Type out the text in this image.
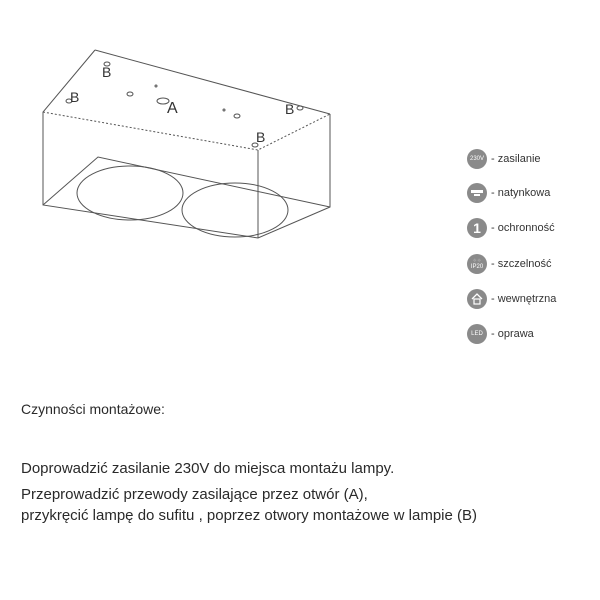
A
B
B
B
B
230V - zasilanie
- natynkowa
1 - ochronność
⁘⁘
IP20 - szczelność
- wewnętrzna
LED - oprawa

Czynności montażowe:

Doprowadzić zasilanie 230V do miejsca montażu lampy.

Przeprowadzić przewody zasilające przez otwór (A),

przykręcić lampę do sufitu , poprzez otwory montażowe w lampie (B)
